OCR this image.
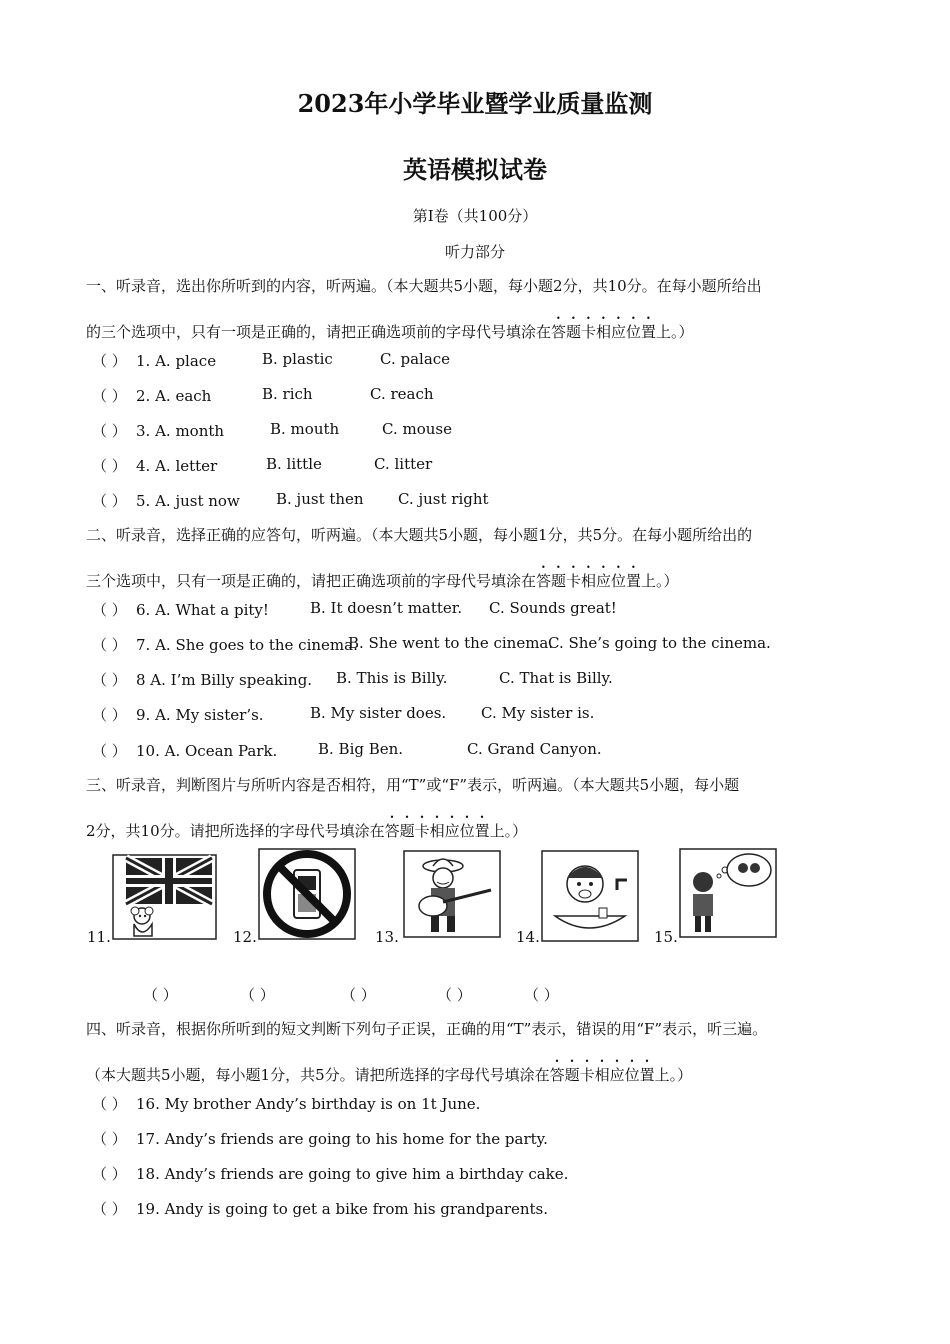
2023年小学毕业暨学业质量监测
英语模拟试卷
第I卷（共100分）
听力部分
一、听录音，选出你所听到的内容，听两遍。（本大题共5小题，每小题2分，共10分。在每小题所给出
的三个选项中，只有一项是正确的，请把正确选项前的字母代号填涂在答题卡相应位置上。）
（ ） 1. A. place	B. plastic	C. palace
（ ） 2. A. each	B. rich	C. reach
（ ） 3. A. month	B. mouth	C. mouse
（ ） 4. A. letter	B. little	C. litter
（ ） 5. A. just now B. just then C. just right
二、听录音，选择正确的应答句，听两遍。（本大题共5小题，每小题1分，共5分。在每小题所给出的
三个选项中，只有一项是正确的，请把正确选项前的字母代号填涂在答题卡相应位置上。）
（ ） 6. A. What a pity!	B. It doesn’t matter. C. Sounds great!
（ ） 7. A. She goes to the cinema.
B. She went to the cinema.
C. She’s going to the cinema.
（ ） 8 A. I’m Billy speaking. B. This is Billy.	C. That is Billy.
（ ） 9. A. My sister’s.	B. My sister does. C. My sister is.
（ ） 10. A. Ocean Park.	B. Big Ben.	C. Grand Canyon.
三、听录音，判断图片与所听内容是否相符，用“T”或“F”表示，听两遍。（本大题共5小题，每小题
2分，共10分。请把所选择的字母代号填涂在答题卡相应位置上。）
11.	12.	13.	14.	15.
（ ）	（ ）	（ ）	（ ）	（ ）
四、听录音，根据你所听到的短文判断下列句子正误，正确的用“T”表示，错误的用“F”表示，听三遍。
（本大题共5小题，每小题1分，共5分。请把所选择的字母代号填涂在答题卡相应位置上。）
（ ） 16. My brother Andy’s birthday is on 1t June.
（ ） 17. Andy’s friends are going to his home for the party.
（ ） 18. Andy’s friends are going to give him a birthday cake.
（ ） 19. Andy is going to get a bike from his grandparents.
